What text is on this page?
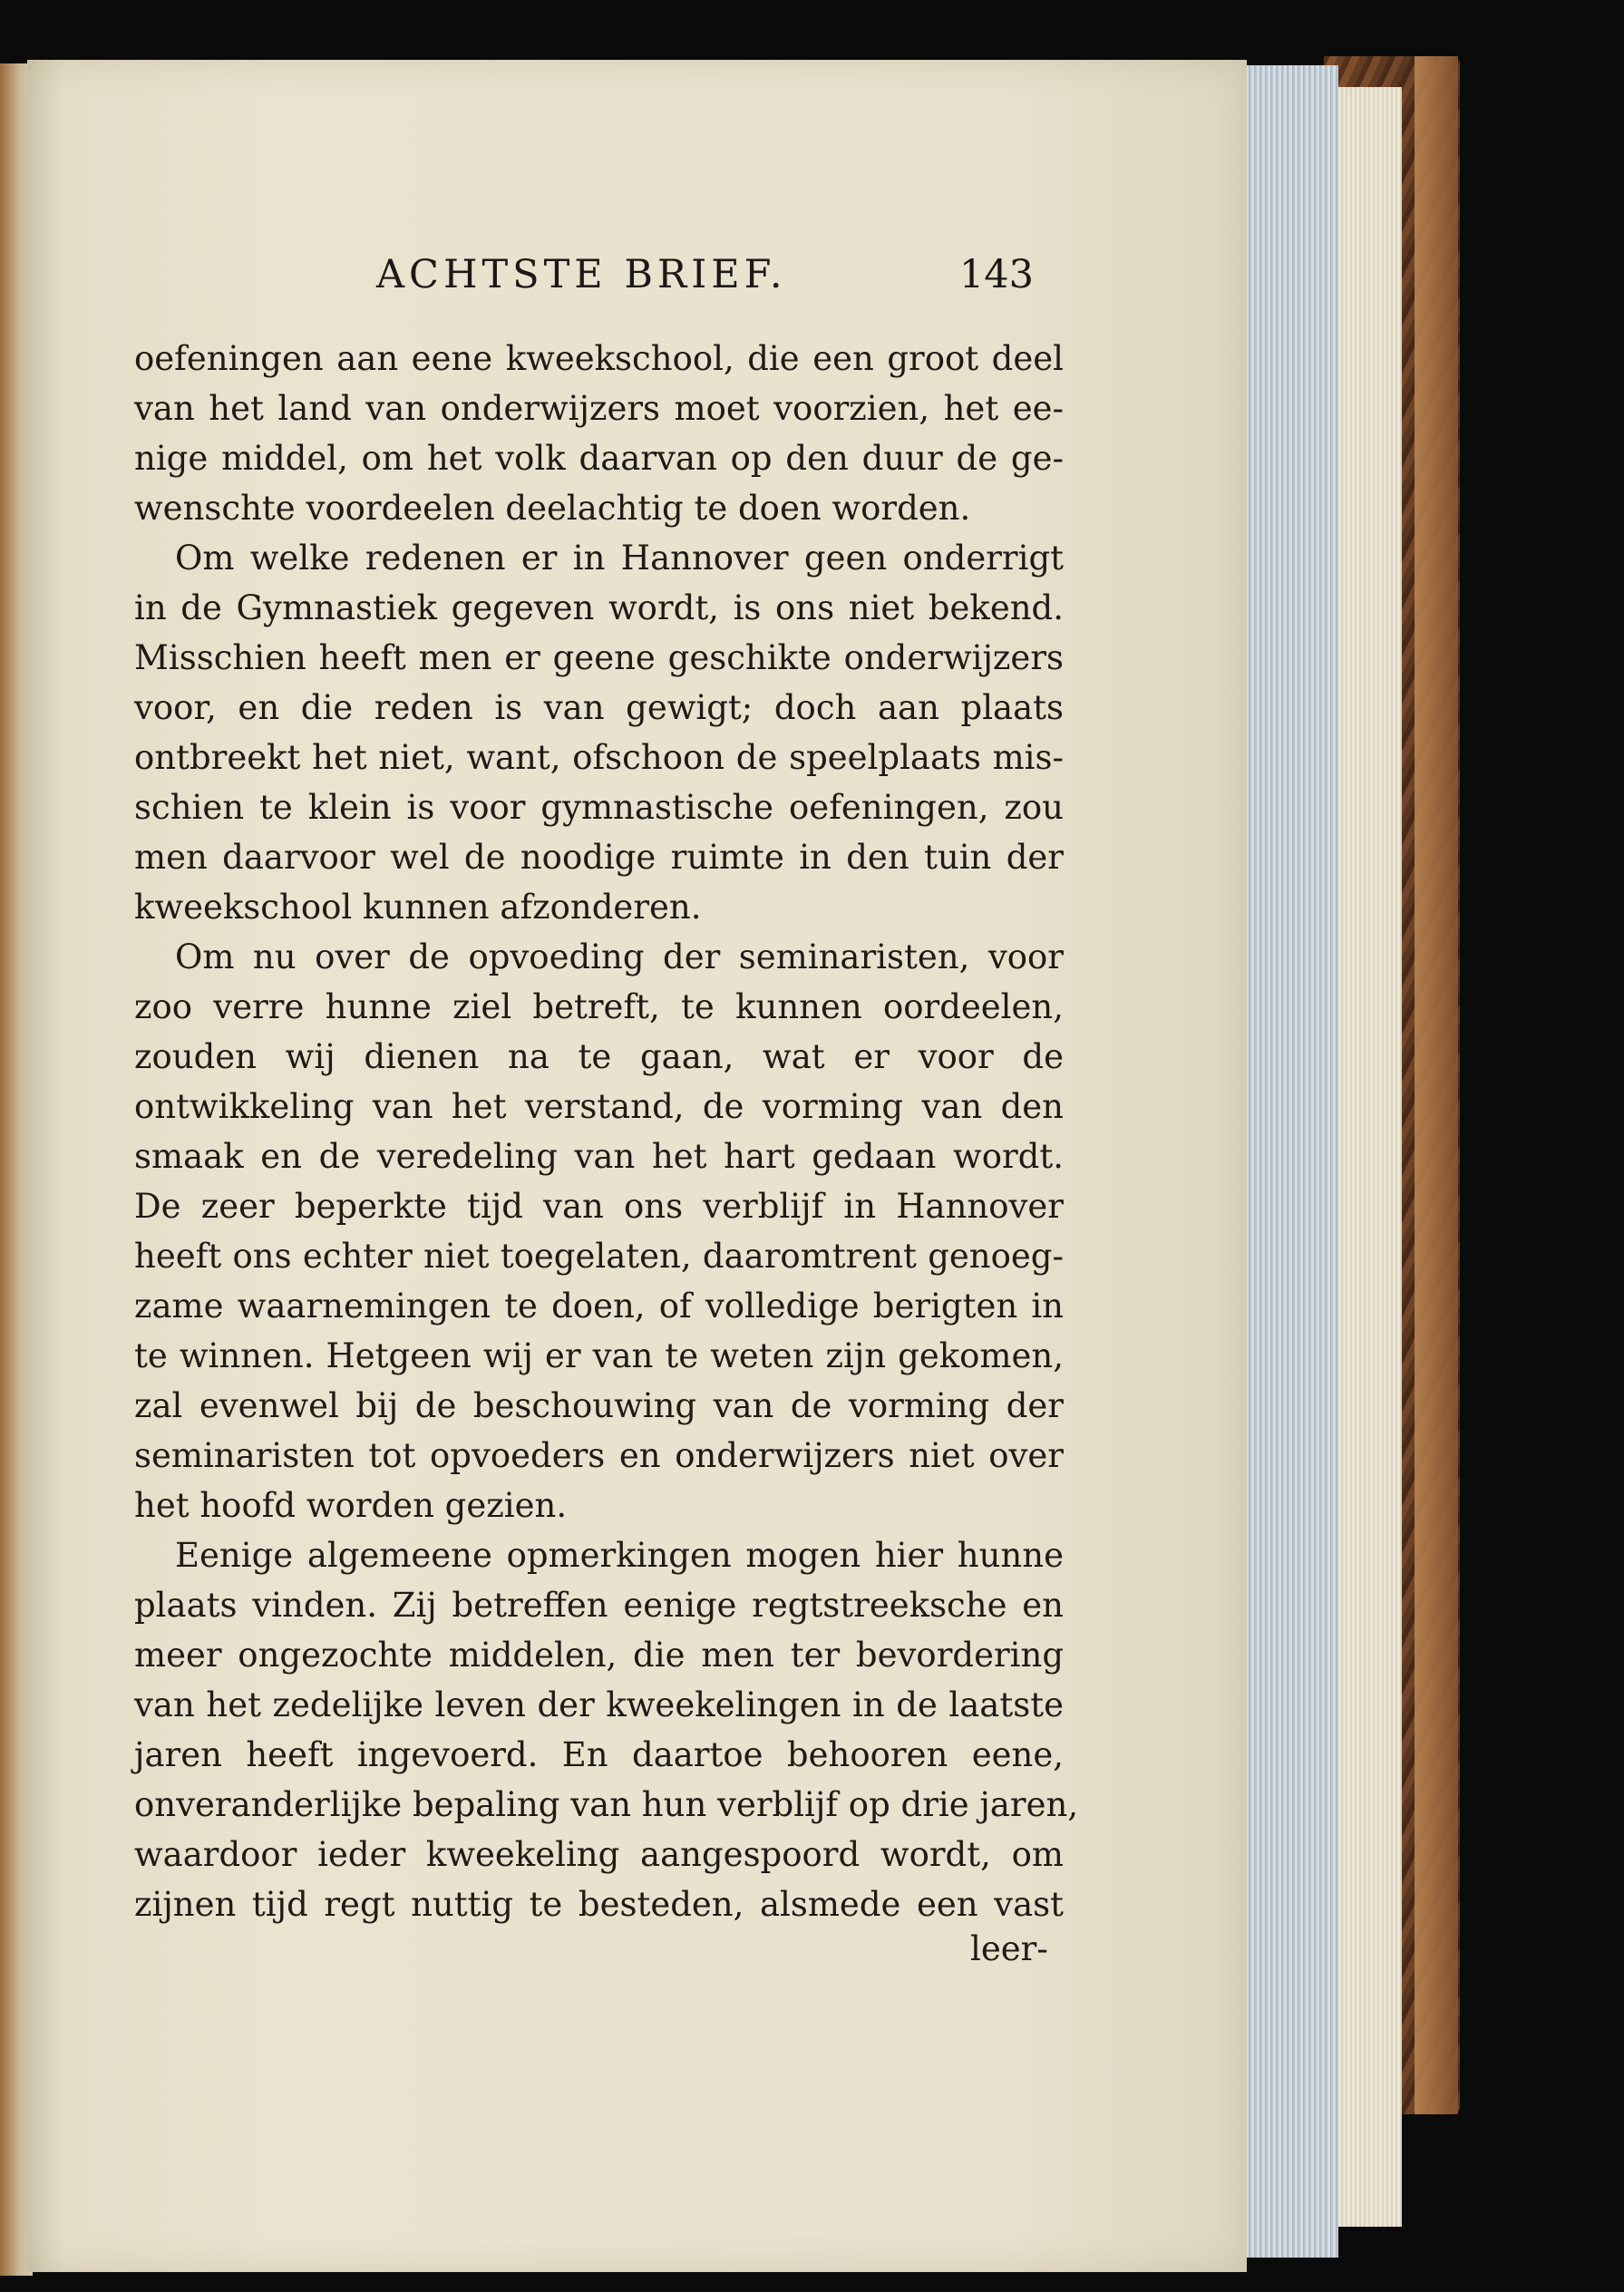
ACHTSTE BRIEF.	143
oefeningen aan eene kweekschool, die een groot deel
van het land van onderwijzers moet voorzien, het ee-
nige middel, om het volk daarvan op den duur de ge-
wenschte voordeelen deelachtig te doen worden.
Om welke redenen er in Hannover geen onderrigt
in de Gymnastiek gegeven wordt, is ons niet bekend.
Misschien heeft men er geene geschikte onderwijzers
voor, en die reden is van gewigt; doch aan plaats
ontbreekt het niet, want, ofschoon de speelplaats mis-
schien te klein is voor gymnastische oefeningen, zou
men daarvoor wel de noodige ruimte in den tuin der
kweekschool kunnen afzonderen.
Om nu over de opvoeding der seminaristen, voor
zoo verre hunne ziel betreft, te kunnen oordeelen,
zouden wij dienen na te gaan, wat er voor de
ontwikkeling van het verstand, de vorming van den
smaak en de veredeling van het hart gedaan wordt.
De zeer beperkte tijd van ons verblijf in Hannover
heeft ons echter niet toegelaten, daaromtrent genoeg-
zame waarnemingen te doen, of volledige berigten in
te winnen. Hetgeen wij er van te weten zijn gekomen,
zal evenwel bij de beschouwing van de vorming der
seminaristen tot opvoeders en onderwijzers niet over
het hoofd worden gezien.
Eenige algemeene opmerkingen mogen hier hunne
plaats vinden. Zij betreffen eenige regtstreeksche en
meer ongezochte middelen, die men ter bevordering
van het zedelijke leven der kweekelingen in de laatste
jaren heeft ingevoerd. En daartoe behooren eene,
onveranderlijke bepaling van hun verblijf op drie jaren,
waardoor ieder kweekeling aangespoord wordt, om
zijnen tijd regt nuttig te besteden, alsmede een vast
leer-
